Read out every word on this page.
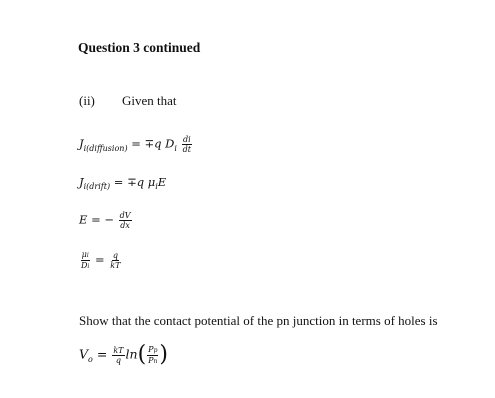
Question 3 continued
(ii) Given that
$J_{i(diffusion)} = \mp q$ $D_i \frac{di}{dt}$
$J_{i(drift)} = \mp q$ $\mu_iE$
E = − $\frac{dV}{dx}$
$\frac{\mu i}{Di} = \frac{q}{kT}$
Show that the contact potential of the pn junction in terms of holes is
$V_o = \frac{kT}{q} \ln( \frac{Pp}{Pn}$ )
